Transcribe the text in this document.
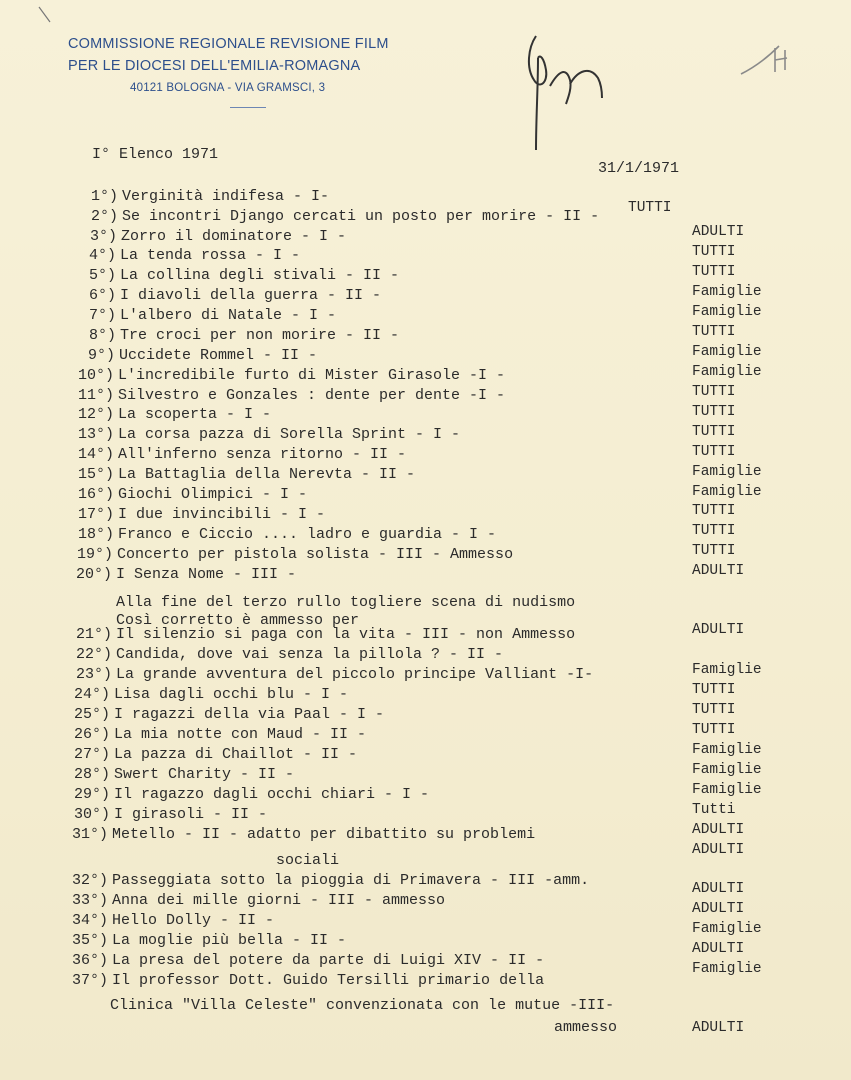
COMMISSIONE REGIONALE REVISIONE FILM
PER LE DIOCESI DELL'EMILIA-ROMAGNA
40121 BOLOGNA - VIA GRAMSCI, 3
I° Elenco 1971
31/1/1971
TUTTI
1°) Verginità indifesa - I-
2°) Se incontri Django cercati un posto per morire - II -
3°) Zorro il dominatore - I -
4°) La tenda rossa - I -
5°) La collina degli stivali - II -
6°) I diavoli della guerra - II -
7°) L'albero di Natale - I -
8°) Tre croci per non morire - II -
9°) Uccidete Rommel - II -
10°) L'incredibile furto di Mister Girasole -I -
11°) Silvestro e Gonzales : dente per dente -I -
12°) La scoperta - I -
13°) La corsa pazza di Sorella Sprint - I -
14°) All'inferno senza ritorno - II -
15°) La Battaglia della Nerevta - II -
16°) Giochi Olimpici - I -
17°) I due invincibili - I -
18°) Franco e Ciccio .... ladro e guardia - I -
19°) Concerto per pistola solista - III - Ammesso
20°) I Senza Nome - III -
21°) Il silenzio si paga con la vita - III - non Ammesso
22°) Candida, dove vai senza la pillola ? - II -
23°) La grande avventura del piccolo principe Valliant -I-
24°) Lisa dagli occhi blu - I -
25°) I ragazzi della via Paal - I -
26°) La mia notte con Maud - II -
27°) La pazza di Chaillot - II -
28°) Swert Charity - II -
29°) Il ragazzo dagli occhi chiari - I -
30°) I girasoli - II -
31°) Metello - II - adatto per dibattito su problemi
32°) Passeggiata sotto la pioggia di Primavera - III -amm.
33°) Anna dei mille giorni - III - ammesso
34°) Hello Dolly - II -
35°) La moglie più bella - II -
36°) La presa del potere da parte di Luigi XIV - II -
37°) Il professor Dott. Guido Tersilli primario della
ADULTI
TUTTI
TUTTI
Famiglie
Famiglie
TUTTI
Famiglie
Famiglie
TUTTI
TUTTI
TUTTI
TUTTI
Famiglie
Famiglie
TUTTI
TUTTI
TUTTI
ADULTI
ADULTI
Famiglie
TUTTI
TUTTI
TUTTI
Famiglie
Famiglie
Famiglie
Tutti
ADULTI
ADULTI
ADULTI
ADULTI
Famiglie
ADULTI
Famiglie
ADULTI
Alla fine del terzo rullo togliere scena di nudismo
Così corretto è ammesso per
sociali
Clinica "Villa Celeste" convenzionata con le mutue -III-
ammesso
